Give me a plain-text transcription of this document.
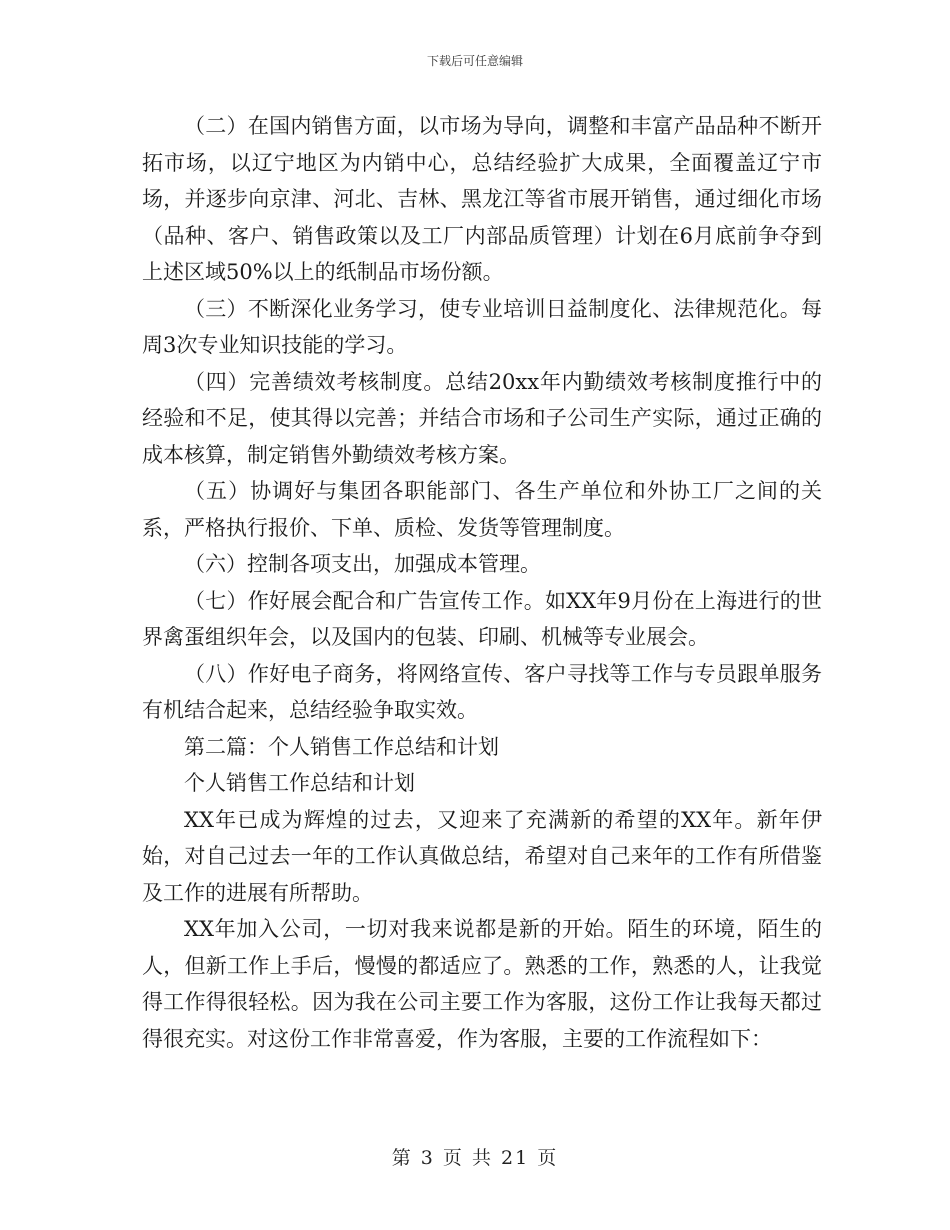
下载后可任意编辑

（二）在国内销售方面，以市场为导向，调整和丰富产品品种不断开拓市场，以辽宁地区为内销中心，总结经验扩大成果，全面覆盖辽宁市场，并逐步向京津、河北、吉林、黑龙江等省市展开销售，通过细化市场（品种、客户、销售政策以及工厂内部品质管理）计划在6月底前争夺到上述区域50%以上的纸制品市场份额。

（三）不断深化业务学习，使专业培训日益制度化、法律规范化。每周3次专业知识技能的学习。

（四）完善绩效考核制度。总结20xx年内勤绩效考核制度推行中的经验和不足，使其得以完善；并结合市场和子公司生产实际，通过正确的成本核算，制定销售外勤绩效考核方案。

（五）协调好与集团各职能部门、各生产单位和外协工厂之间的关系，严格执行报价、下单、质检、发货等管理制度。

（六）控制各项支出，加强成本管理。

（七）作好展会配合和广告宣传工作。如XX年9月份在上海进行的世界禽蛋组织年会，以及国内的包装、印刷、机械等专业展会。

（八）作好电子商务，将网络宣传、客户寻找等工作与专员跟单服务有机结合起来，总结经验争取实效。

第二篇：个人销售工作总结和计划

个人销售工作总结和计划

XX年已成为辉煌的过去，又迎来了充满新的希望的XX年。新年伊始，对自己过去一年的工作认真做总结，希望对自己来年的工作有所借鉴及工作的进展有所帮助。

XX年加入公司，一切对我来说都是新的开始。陌生的环境，陌生的人，但新工作上手后，慢慢的都适应了。熟悉的工作，熟悉的人，让我觉得工作得很轻松。因为我在公司主要工作为客服，这份工作让我每天都过得很充实。对这份工作非常喜爱，作为客服，主要的工作流程如下：

第 3 页 共 21 页
